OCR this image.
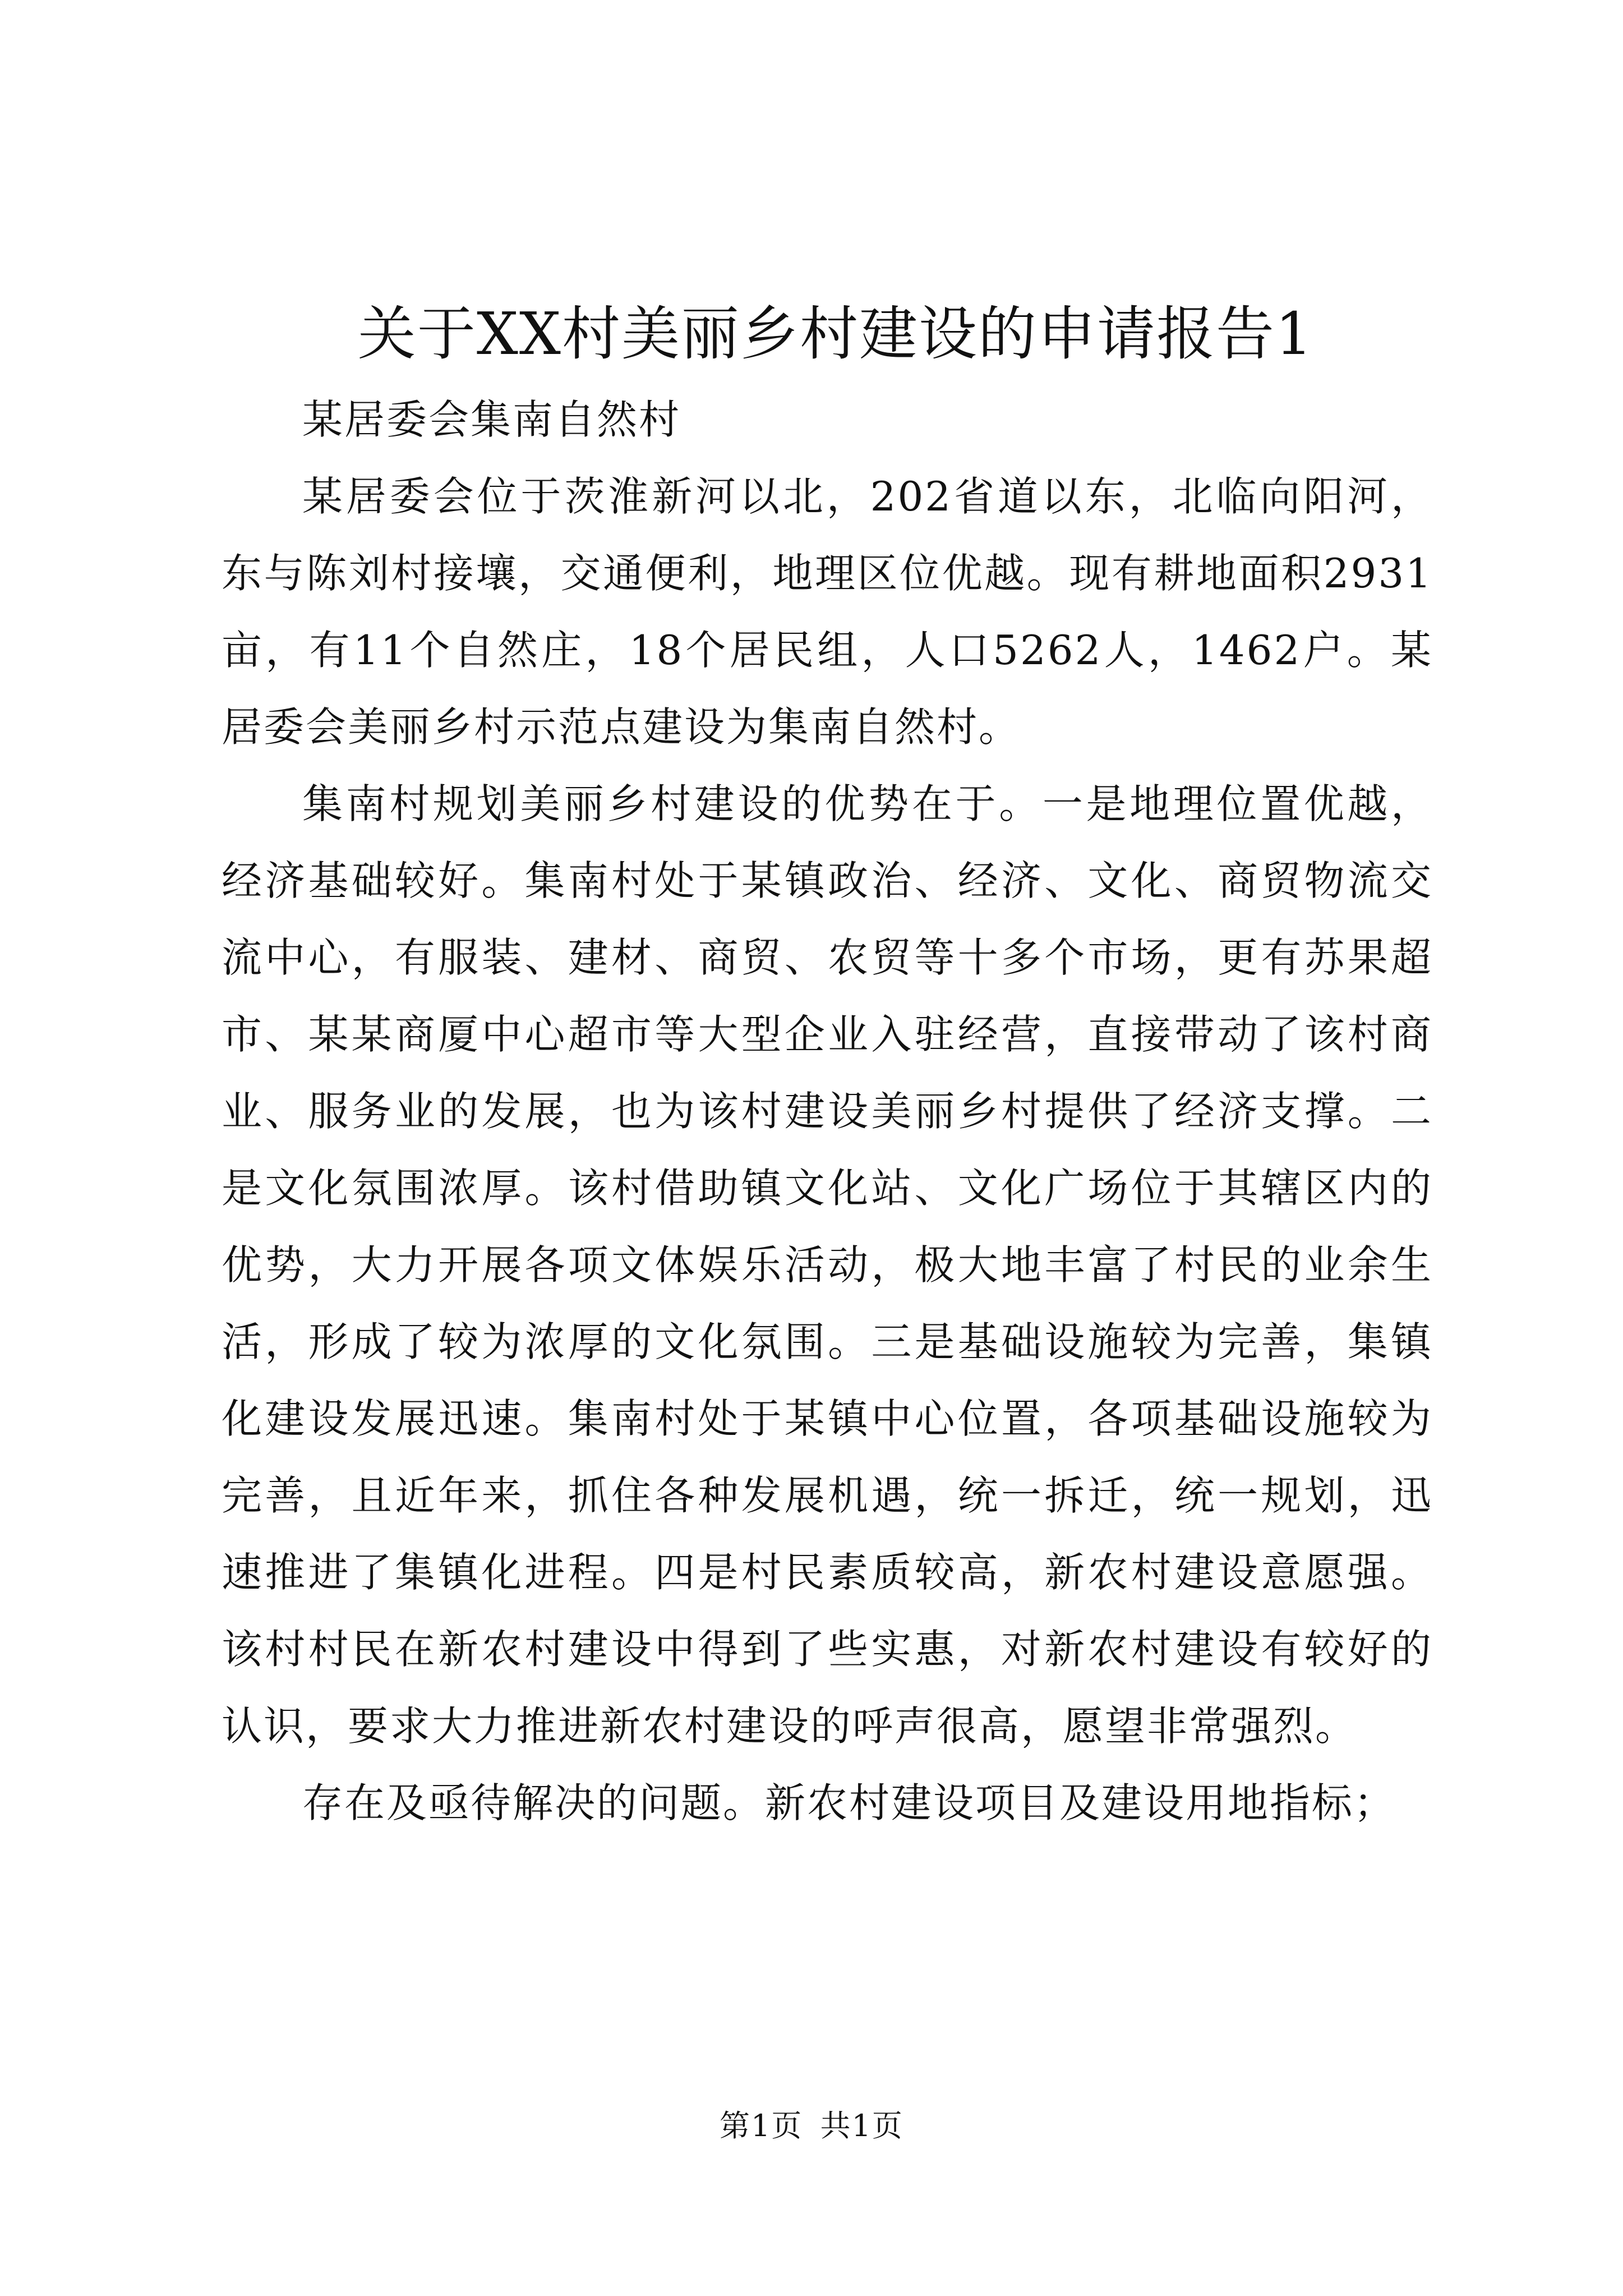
关于XX村美丽乡村建设的申请报告1

某居委会集南自然村

某居委会位于茨淮新河以北，202省道以东，北临向阳河，东与陈刘村接壤，交通便利，地理区位优越。现有耕地面积2931亩，有11个自然庄，18个居民组，人口5262人，1462户。某居委会美丽乡村示范点建设为集南自然村。

集南村规划美丽乡村建设的优势在于。一是地理位置优越，经济基础较好。集南村处于某镇政治、经济、文化、商贸物流交流中心，有服装、建材、商贸、农贸等十多个市场，更有苏果超市、某某商厦中心超市等大型企业入驻经营，直接带动了该村商业、服务业的发展，也为该村建设美丽乡村提供了经济支撑。二是文化氛围浓厚。该村借助镇文化站、文化广场位于其辖区内的优势，大力开展各项文体娱乐活动，极大地丰富了村民的业余生活，形成了较为浓厚的文化氛围。三是基础设施较为完善，集镇化建设发展迅速。集南村处于某镇中心位置，各项基础设施较为完善，且近年来，抓住各种发展机遇，统一拆迁，统一规划，迅速推进了集镇化进程。四是村民素质较高，新农村建设意愿强。该村村民在新农村建设中得到了些实惠，对新农村建设有较好的认识，要求大力推进新农村建设的呼声很高，愿望非常强烈。

存在及亟待解决的问题。新农村建设项目及建设用地指标；

第1页 共1页
